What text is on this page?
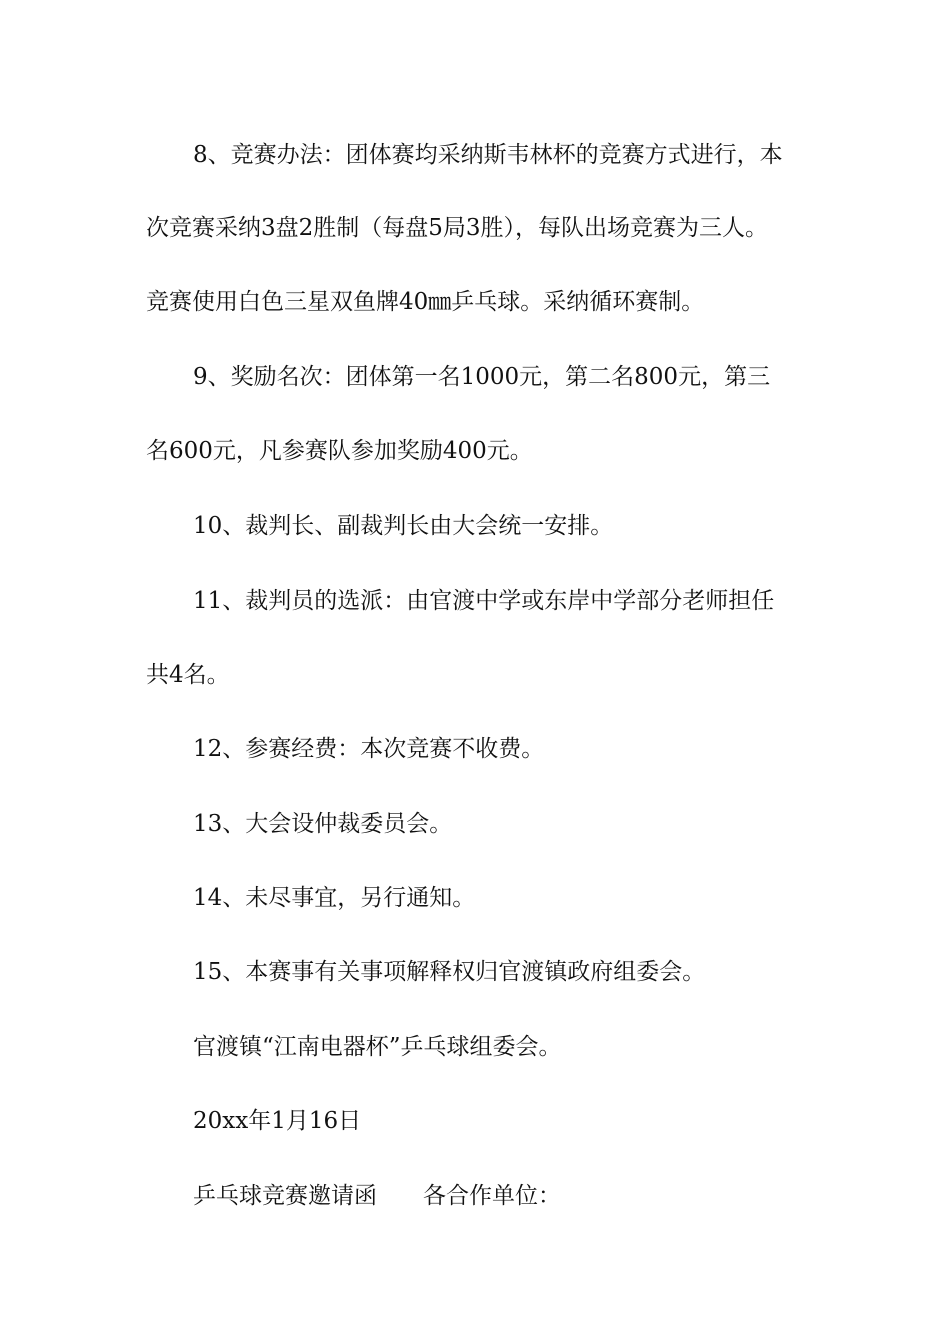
8、竞赛办法：团体赛均采纳斯韦林杯的竞赛方式进行，本
次竞赛采纳3盘2胜制（每盘5局3胜），每队出场竞赛为三人。
竞赛使用白色三星双鱼牌40㎜乒乓球。采纳循环赛制。
9、奖励名次：团体第一名1000元，第二名800元，第三
名600元，凡参赛队参加奖励400元。
10、裁判长、副裁判长由大会统一安排。
11、裁判员的选派：由官渡中学或东岸中学部分老师担任
共4名。
12、参赛经费：本次竞赛不收费。
13、大会设仲裁委员会。
14、未尽事宜，另行通知。
15、本赛事有关事项解释权归官渡镇政府组委会。
官渡镇“江南电器杯”乒乓球组委会。
20xx年1月16日
乒乓球竞赛邀请函 各合作单位：
